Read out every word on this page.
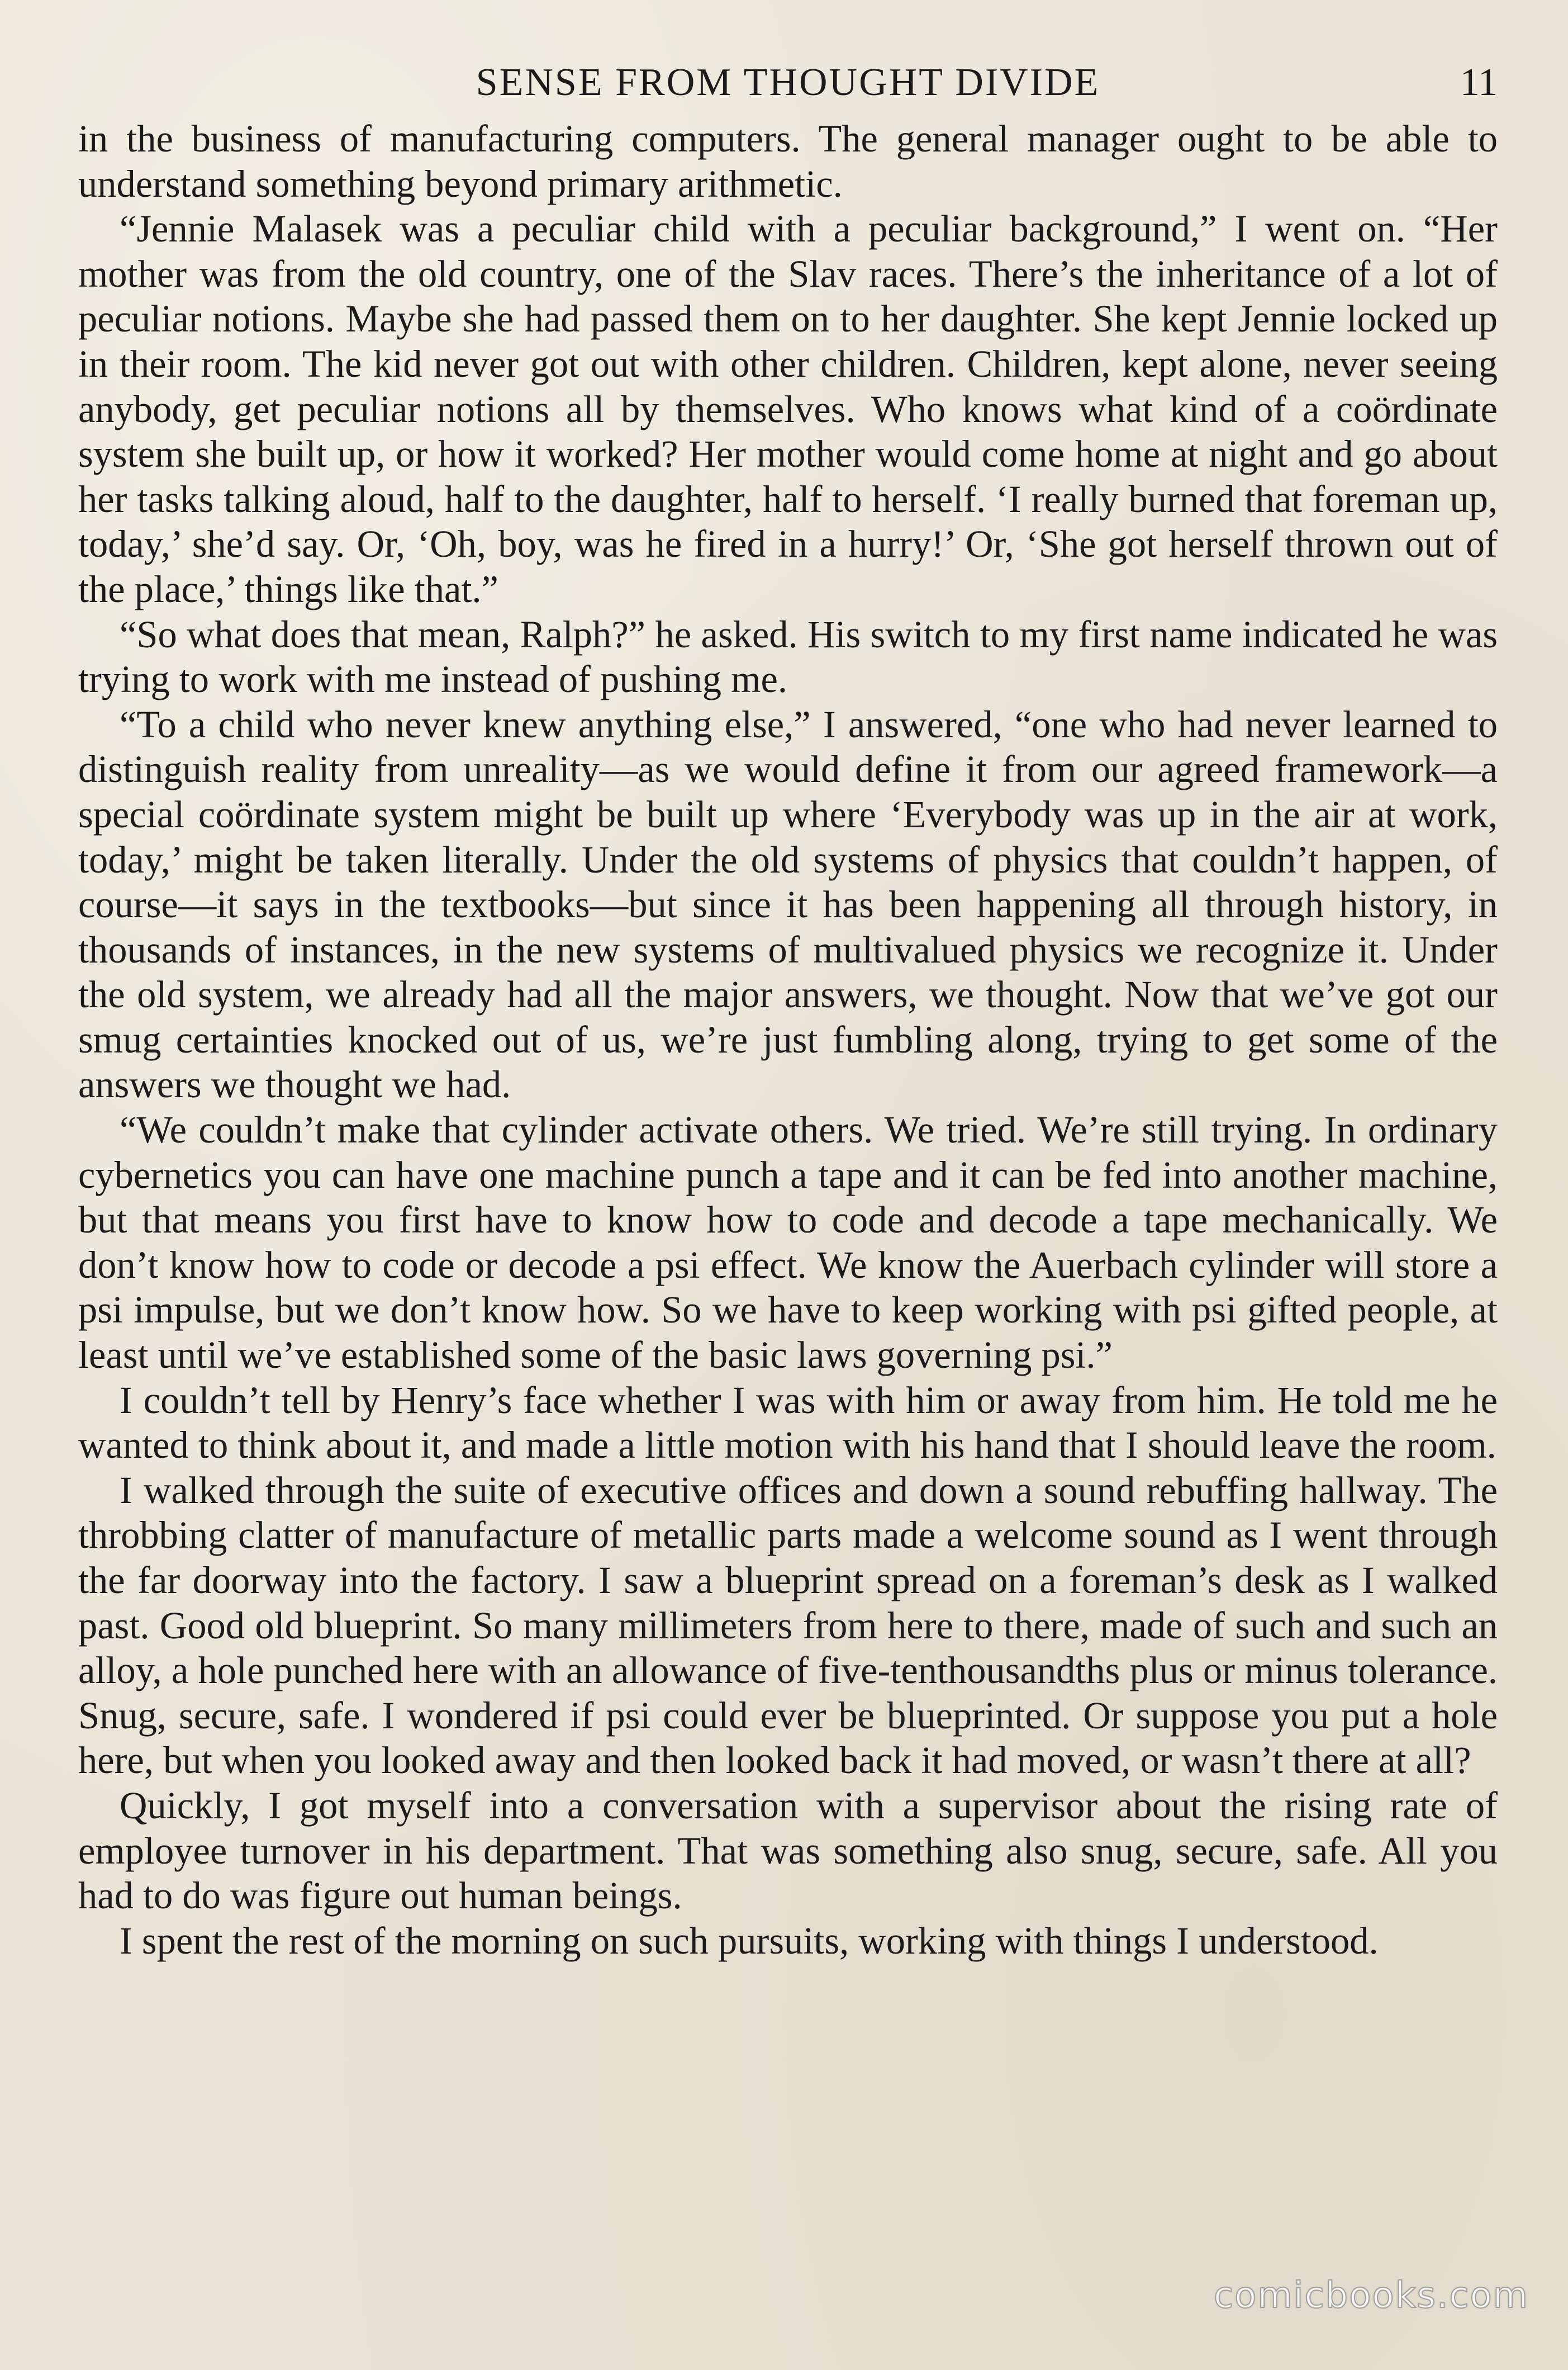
SENSE FROM THOUGHT DIVIDE	11

in the business of manufacturing computers. The general manager ought to be able to understand something beyond primary arithmetic.

“Jennie Malasek was a peculiar child with a peculiar background,” I went on. “Her mother was from the old country, one of the Slav races. There’s the inheritance of a lot of peculiar notions. Maybe she had passed them on to her daughter. She kept Jennie locked up in their room. The kid never got out with other children. Children, kept alone, never seeing anybody, get peculiar notions all by themselves. Who knows what kind of a coördinate system she built up, or how it worked? Her mother would come home at night and go about her tasks talking aloud, half to the daughter, half to herself. ‘I really burned that foreman up, today,’ she’d say. Or, ‘Oh, boy, was he fired in a hurry!’ Or, ‘She got herself thrown out of the place,’ things like that.”

“So what does that mean, Ralph?” he asked. His switch to my first name indicated he was trying to work with me instead of pushing me.

“To a child who never knew anything else,” I answered, “one who had never learned to distinguish reality from unreality—as we would define it from our agreed framework—a special coördinate system might be built up where ‘Everybody was up in the air at work, today,’ might be taken literally. Under the old systems of physics that couldn’t happen, of course—it says in the textbooks—but since it has been happening all through history, in thousands of instances, in the new systems of multivalued physics we recognize it. Under the old system, we already had all the major answers, we thought. Now that we’ve got our smug certainties knocked out of us, we’re just fumbling along, trying to get some of the answers we thought we had.

“We couldn’t make that cylinder activate others. We tried. We’re still trying. In ordinary cybernetics you can have one machine punch a tape and it can be fed into another machine, but that means you first have to know how to code and decode a tape mechanically. We don’t know how to code or decode a psi effect. We know the Auerbach cylinder will store a psi impulse, but we don’t know how. So we have to keep working with psi gifted people, at least until we’ve established some of the basic laws governing psi.”

I couldn’t tell by Henry’s face whether I was with him or away from him. He told me he wanted to think about it, and made a little motion with his hand that I should leave the room.

I walked through the suite of executive offices and down a sound rebuffing hallway. The throbbing clatter of manufacture of metallic parts made a welcome sound as I went through the far doorway into the factory. I saw a blueprint spread on a foreman’s desk as I walked past. Good old blueprint. So many millimeters from here to there, made of such and such an alloy, a hole punched here with an allowance of five-tenthousandths plus or minus tolerance. Snug, secure, safe. I wondered if psi could ever be blueprinted. Or suppose you put a hole here, but when you looked away and then looked back it had moved, or wasn’t there at all?

Quickly, I got myself into a conversation with a supervisor about the rising rate of employee turnover in his department. That was something also snug, secure, safe. All you had to do was figure out human beings.

I spent the rest of the morning on such pursuits, working with things I understood.

comicbooks.com
